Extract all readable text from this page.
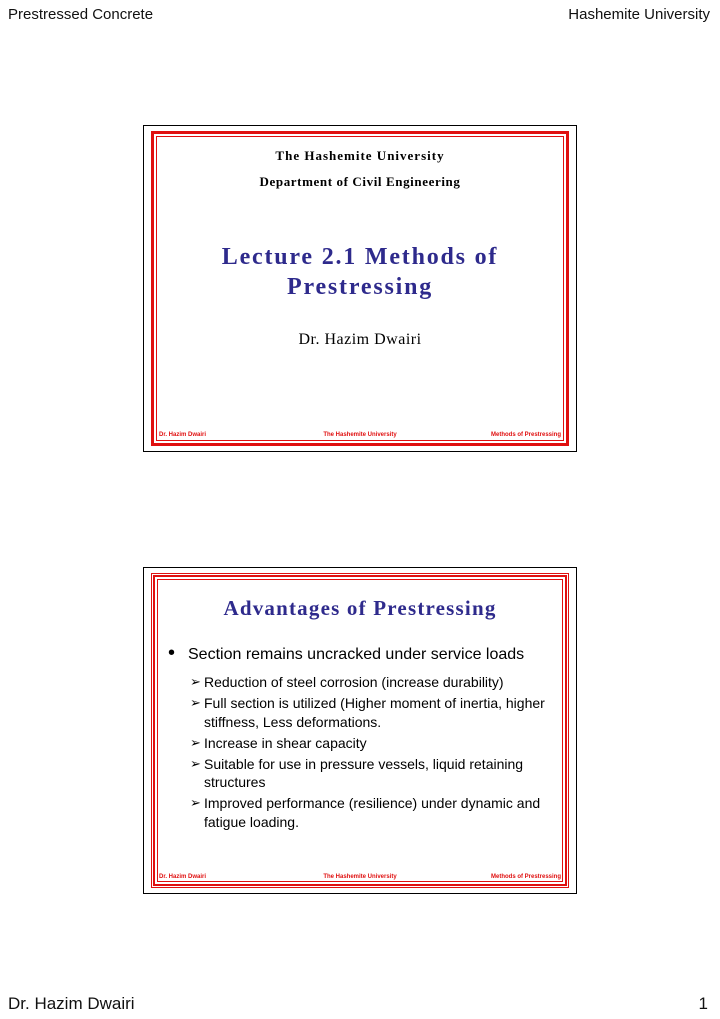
Prestressed Concrete	Hashemite University
The Hashemite University
Department of Civil Engineering
Lecture 2.1 Methods of
Prestressing
Dr. Hazim Dwairi
Dr. Hazim Dwairi	The Hashemite University	Methods of Prestressing
Advantages of Prestressing
• Section remains uncracked under service loads
➢ Reduction of steel corrosion (increase durability)
➢ Full section is utilized (Higher moment of inertia, higher stiffness, Less deformations.
➢ Increase in shear capacity
➢ Suitable for use in pressure vessels, liquid retaining structures
➢ Improved performance (resilience) under dynamic and fatigue loading.
Dr. Hazim Dwairi	The Hashemite University	Methods of Prestressing
Dr. Hazim Dwairi	1
